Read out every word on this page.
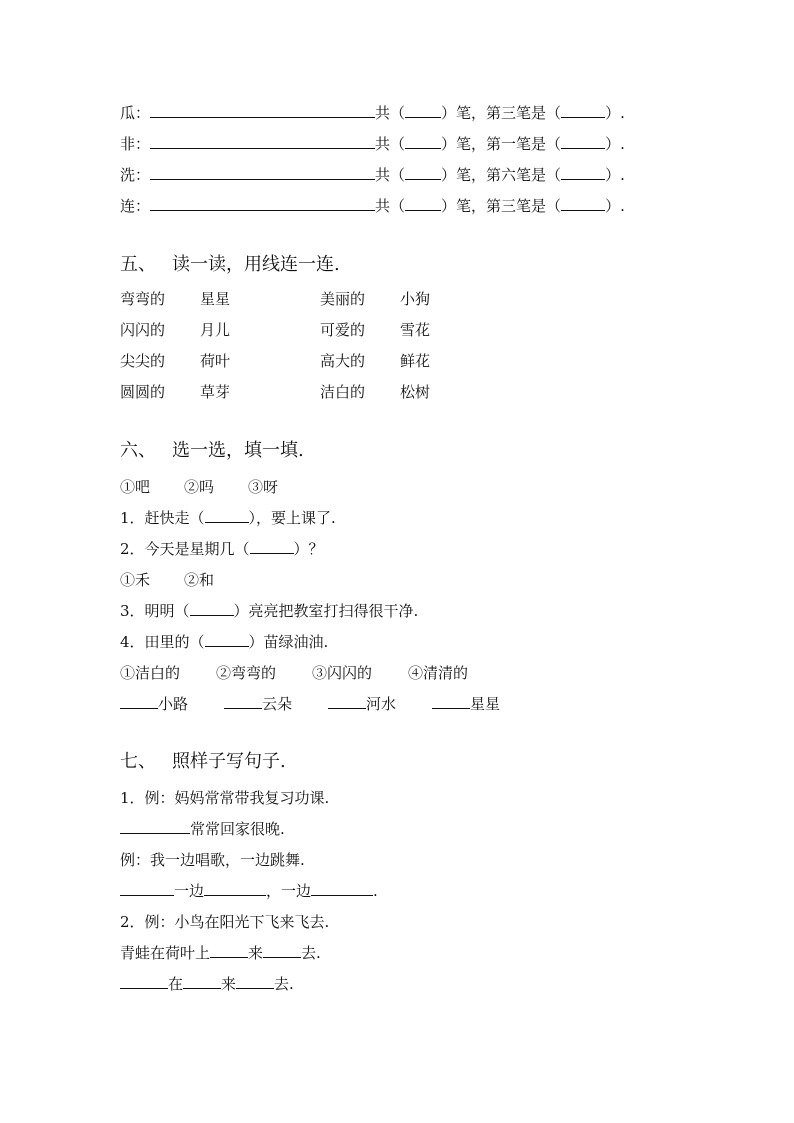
瓜：	共（ ）笔，第三笔是（	）.
非：	共（ ）笔，第一笔是（	）.
洗：	共（ ）笔，第六笔是（	）.
连：	共（ ）笔，第三笔是（	）.
五、 读一读，用线连一连.
弯弯的 星星	美丽的 小狗
闪闪的 月儿	可爱的 雪花
尖尖的 荷叶	高大的 鲜花
圆圆的 草芽	洁白的 松树
六、 选一选，填一填.
①吧 ②吗 ③呀
1．赶快走（	），要上课了.
2．今天是星期几（	）？
①禾 ②和
3．明明（	）亮亮把教室打扫得很干净.
4．田里的（	）苗绿油油.
①洁白的 ②弯弯的 ③闪闪的 ④清清的
小路	云朵	河水	星星
七、 照样子写句子.
1．例：妈妈常常带我复习功课.
常常回家很晚.
例：我一边唱歌，一边跳舞.
一边	，一边	.
2．例：小鸟在阳光下飞来飞去.
青蛙在荷叶上	来	去.
在	来	去.
